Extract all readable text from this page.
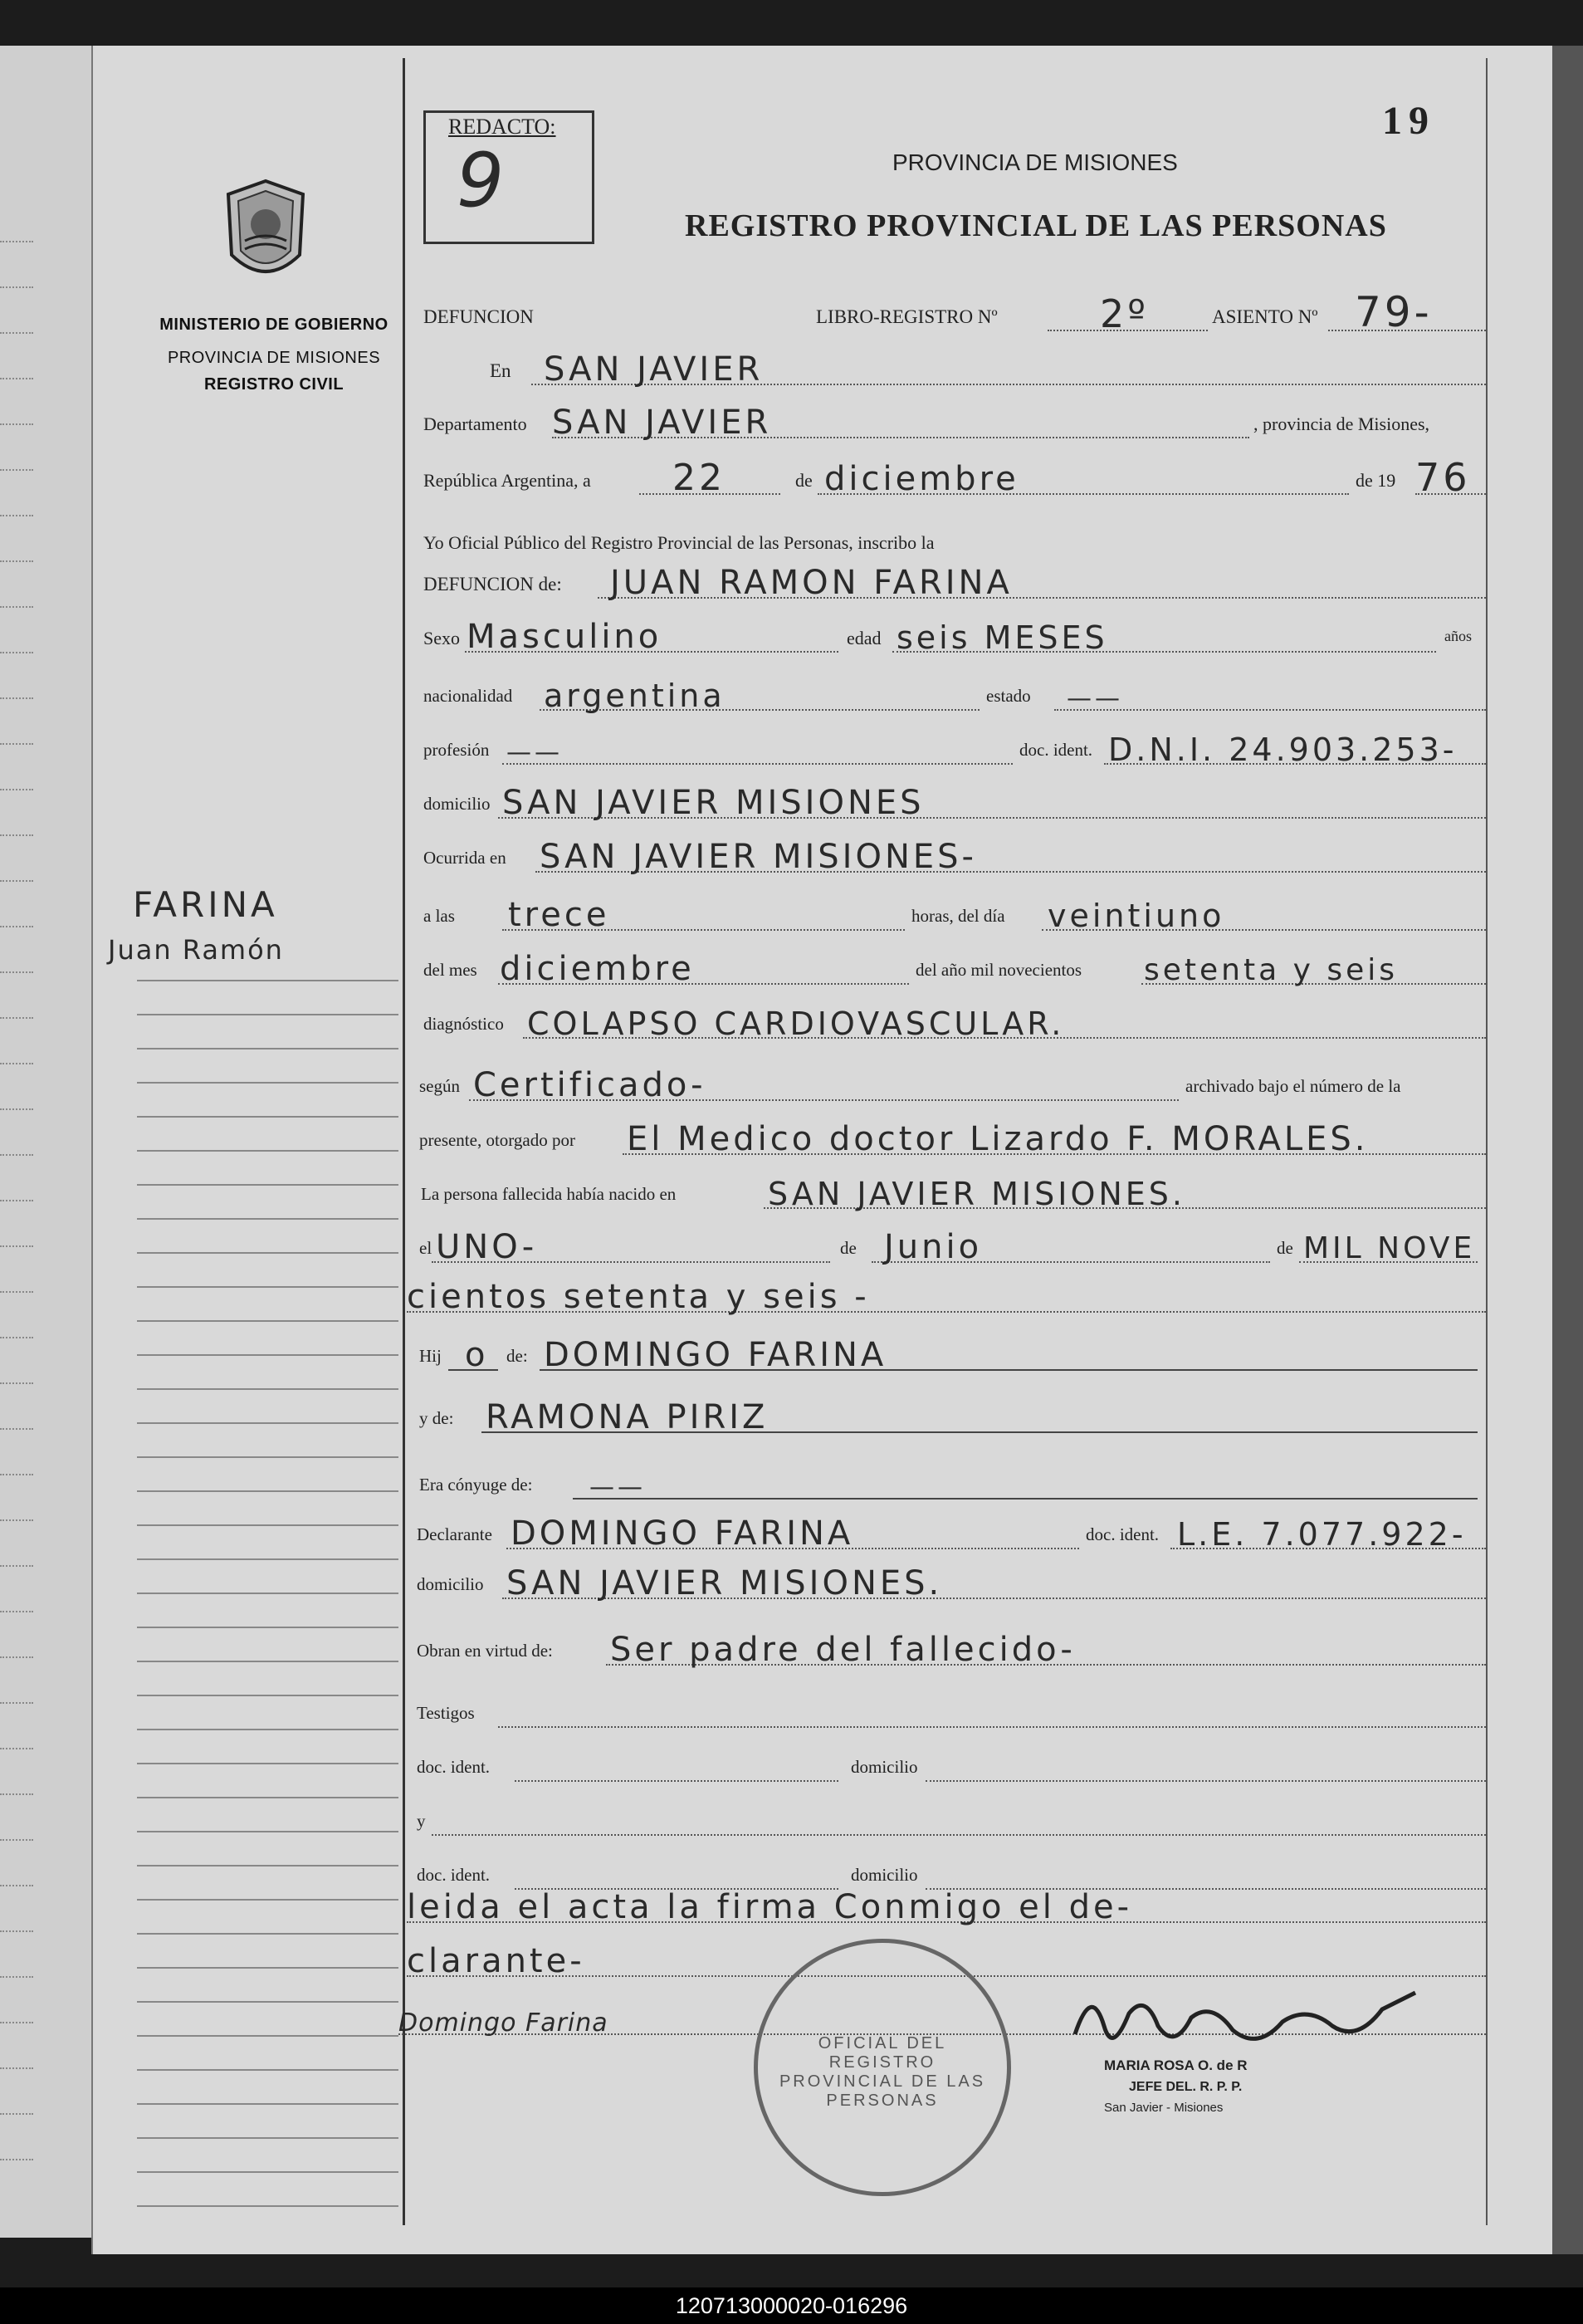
MINISTERIO DE GOBIERNO
PROVINCIA DE MISIONES
REGISTRO CIVIL
FARINA
Juan Ramón
REDACTO:
9
19
PROVINCIA DE MISIONES
REGISTRO PROVINCIAL DE LAS PERSONAS
DEFUNCION	LIBRO-REGISTRO Nº	2º	ASIENTO Nº 79-
En SAN JAVIER
Departamento SAN JAVIER	, provincia de Misiones,
República Argentina, a 22	de diciembre	de 19 76
Yo Oficial Público del Registro Provincial de las Personas, inscribo la
DEFUNCION de: JUAN RAMON FARINA
Sexo Masculino	edad seis MESES	años
nacionalidad argentina	estado ——
profesión ——	doc. ident. D.N.I. 24.903.253-
domicilio SAN JAVIER MISIONES
Ocurrida en SAN JAVIER MISIONES-
a las trece	horas, del día veintiuno
del mes diciembre	del año mil novecientos setenta y seis
diagnóstico COLAPSO CARDIOVASCULAR.
según Certificado-	archivado bajo el número de la
presente, otorgado por El Medico doctor Lizardo F. MORALES.
La persona fallecida había nacido en	SAN JAVIER MISIONES.
el UNO-	de Junio	de MIL NOVE
cientos setenta y seis -
Hij o de: DOMINGO FARINA
y de: RAMONA PIRIZ
Era cónyuge de: ——
Declarante DOMINGO FARINA	doc. ident. L.E. 7.077.922-
domicilio SAN JAVIER MISIONES.
Obran en virtud de: Ser padre del fallecido-
Testigos
doc. ident.	domicilio
y
doc. ident.	domicilio
leida el acta la firma Conmigo el de-
clarante-
Domingo Farina
OFICIAL DEL REGISTRO PROVINCIAL DE LAS PERSONAS
MARIA ROSA O. de R
JEFE DEL. R. P. P.
San Javier - Misiones
120713000020-016296
